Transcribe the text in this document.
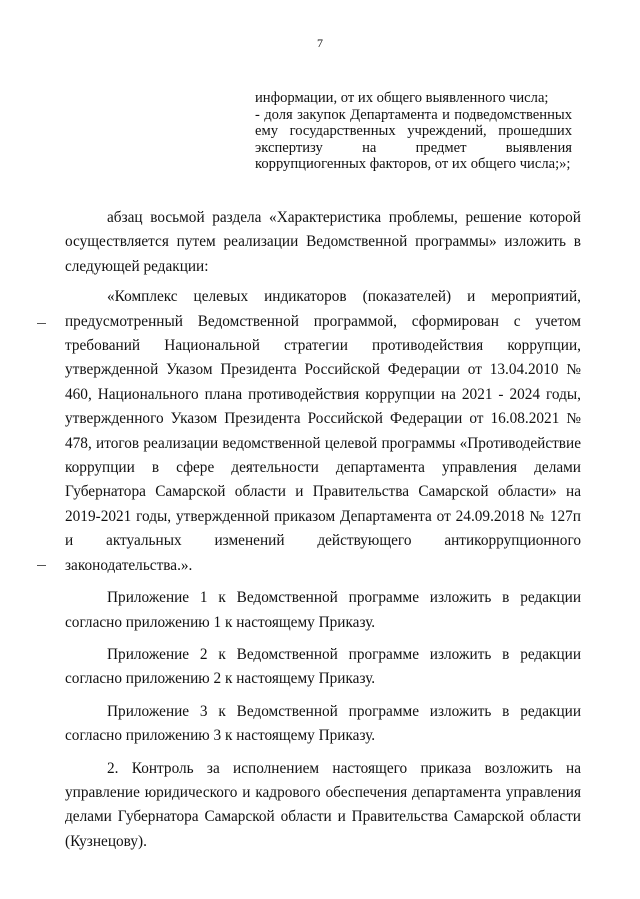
7

информации, от их общего выявленного числа;

- доля закупок Департамента и подведомственных ему государственных учреждений, прошедших экспертизу на предмет выявления коррупциогенных факторов, от их общего числа;»;

абзац восьмой раздела «Характеристика проблемы, решение которой осуществляется путем реализации Ведомственной программы» изложить в следующей редакции:

«Комплекс целевых индикаторов (показателей) и мероприятий, предусмотренный Ведомственной программой, сформирован с учетом требований Национальной стратегии противодействия коррупции, утвержденной Указом Президента Российской Федерации от 13.04.2010 № 460, Национального плана противодействия коррупции на 2021 - 2024 годы, утвержденного Указом Президента Российской Федерации от 16.08.2021 № 478, итогов реализации ведомственной целевой программы «Противодействие коррупции в сфере деятельности департамента управления делами Губернатора Самарской области и Правительства Самарской области» на 2019-2021 годы, утвержденной приказом Департамента от 24.09.2018 № 127п и актуальных изменений действующего антикоррупционного законодательства.».

Приложение 1 к Ведомственной программе изложить в редакции согласно приложению 1 к настоящему Приказу.

Приложение 2 к Ведомственной программе изложить в редакции согласно приложению 2 к настоящему Приказу.

Приложение 3 к Ведомственной программе изложить в редакции согласно приложению 3 к настоящему Приказу.

2. Контроль за исполнением настоящего приказа возложить на управление юридического и кадрового обеспечения департамента управления делами Губернатора Самарской области и Правительства Самарской области (Кузнецову).
